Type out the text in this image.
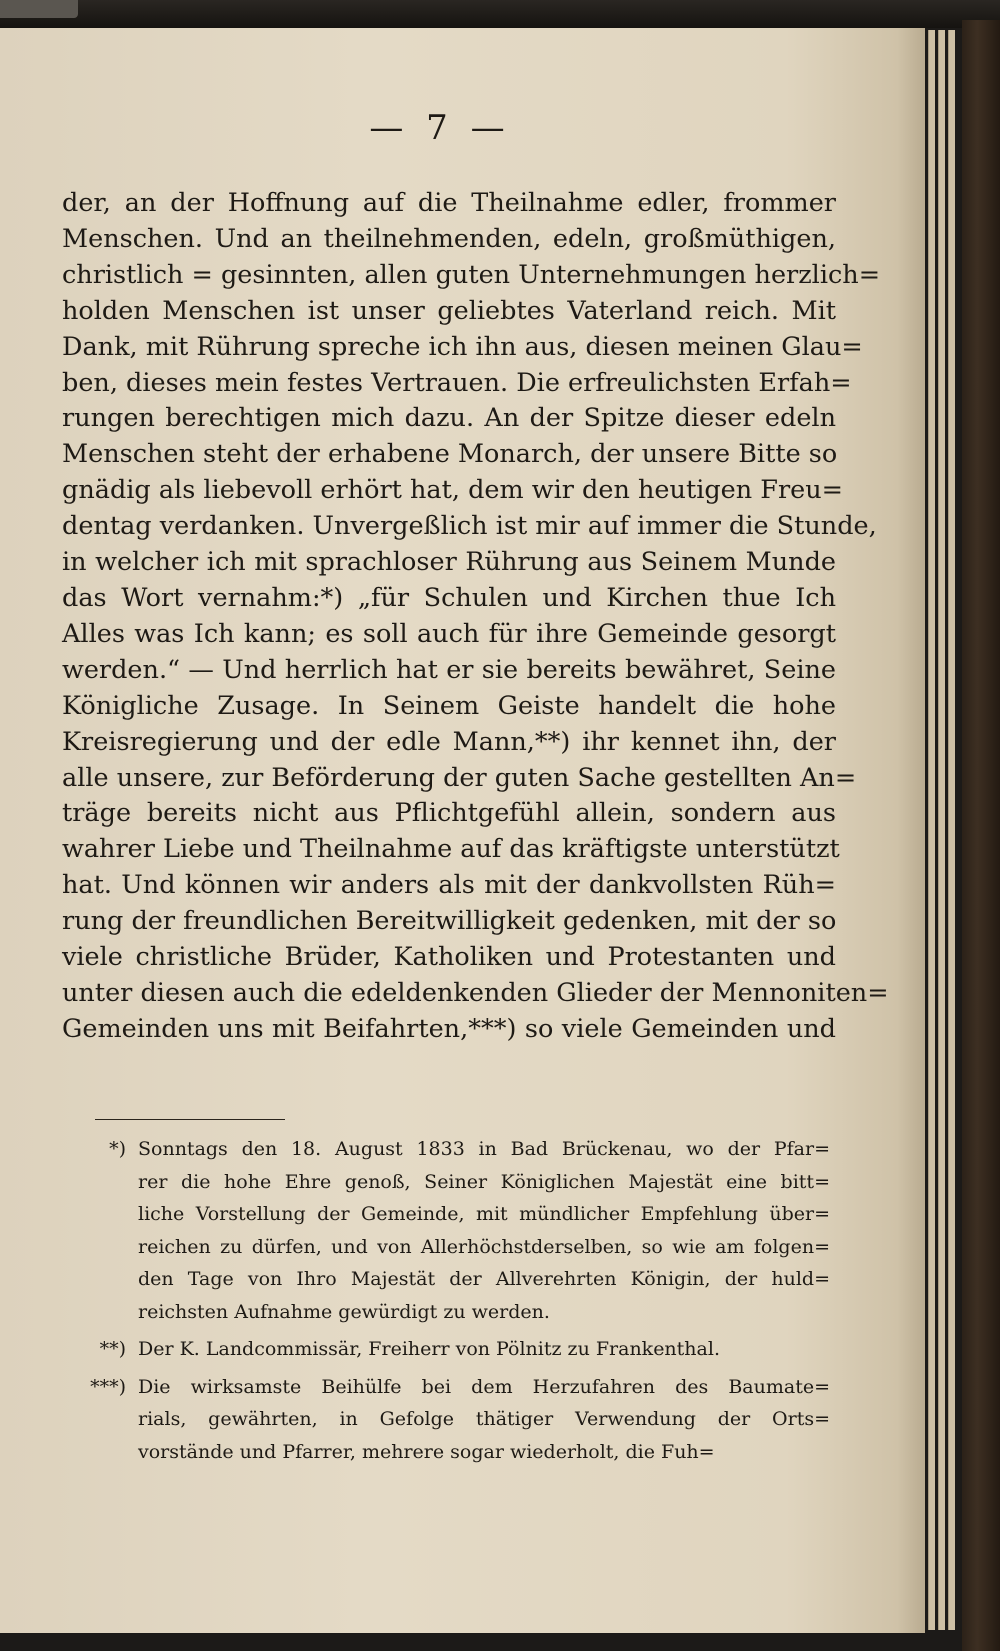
— 7 —
der, an der Hoffnung auf die Theilnahme edler, frommer
Menschen. Und an theilnehmenden, edeln, großmüthigen,
christlich = gesinnten, allen guten Unternehmungen herzlich=
holden Menschen ist unser geliebtes Vaterland reich. Mit
Dank, mit Rührung spreche ich ihn aus, diesen meinen Glau=
ben, dieses mein festes Vertrauen. Die erfreulichsten Erfah=
rungen berechtigen mich dazu. An der Spitze dieser edeln
Menschen steht der erhabene Monarch, der unsere Bitte so
gnädig als liebevoll erhört hat, dem wir den heutigen Freu=
dentag verdanken. Unvergeßlich ist mir auf immer die Stunde,
in welcher ich mit sprachloser Rührung aus Seinem Munde
das Wort vernahm:*) „für Schulen und Kirchen thue Ich
Alles was Ich kann; es soll auch für ihre Gemeinde gesorgt
werden.“ — Und herrlich hat er sie bereits bewähret, Seine
Königliche Zusage. In Seinem Geiste handelt die hohe
Kreisregierung und der edle Mann,**) ihr kennet ihn, der
alle unsere, zur Beförderung der guten Sache gestellten An=
träge bereits nicht aus Pflichtgefühl allein, sondern aus
wahrer Liebe und Theilnahme auf das kräftigste unterstützt
hat. Und können wir anders als mit der dankvollsten Rüh=
rung der freundlichen Bereitwilligkeit gedenken, mit der so
viele christliche Brüder, Katholiken und Protestanten und
unter diesen auch die edeldenkenden Glieder der Mennoniten=
Gemeinden uns mit Beifahrten,***) so viele Gemeinden und
*) Sonntags den 18. August 1833 in Bad Brückenau, wo der Pfar=
rer die hohe Ehre genoß, Seiner Königlichen Majestät eine bitt=
liche Vorstellung der Gemeinde, mit mündlicher Empfehlung über=
reichen zu dürfen, und von Allerhöchstderselben, so wie am folgen=
den Tage von Ihro Majestät der Allverehrten Königin, der huld=
reichsten Aufnahme gewürdigt zu werden.
**) Der K. Landcommissär, Freiherr von Pölnitz zu Frankenthal.
***) Die wirksamste Beihülfe bei dem Herzufahren des Baumate=
rials, gewährten, in Gefolge thätiger Verwendung der Orts=
vorstände und Pfarrer, mehrere sogar wiederholt, die Fuh=
